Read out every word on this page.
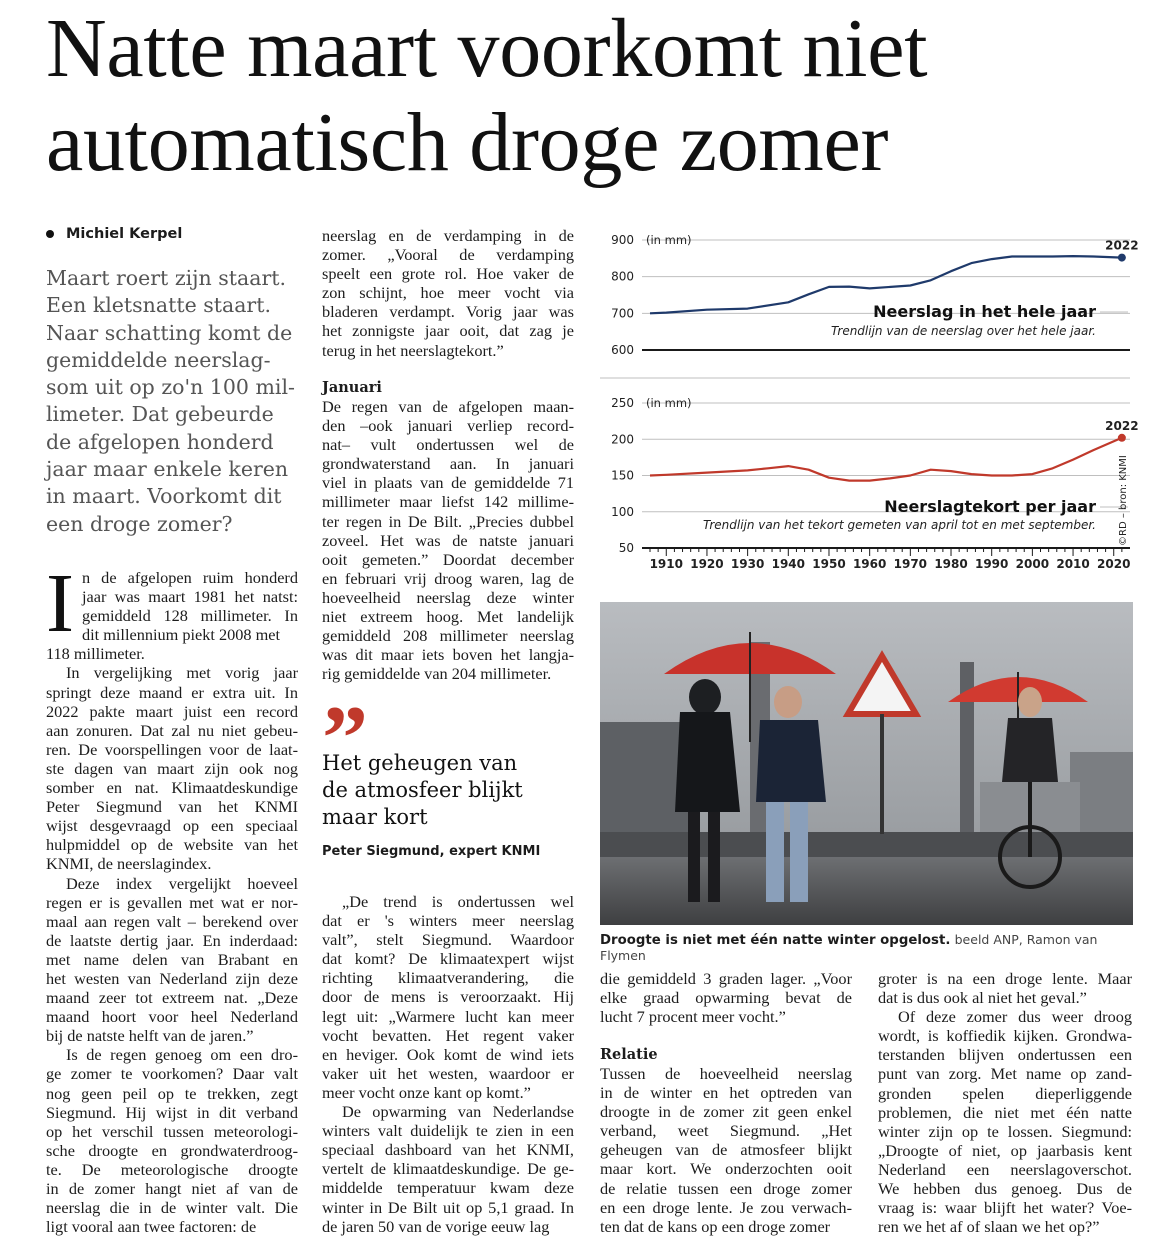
Natte maart voorkomt niet
automatisch droge zomer
Michiel Kerpel
Maart roert zijn staart.
Een kletsnatte staart.
Naar schatting komt de
gemiddelde neerslag-
som uit op zo'n 100 mil-
limeter. Dat gebeurde
de afgelopen honderd
jaar maar enkele keren
in maart. Voorkomt dit
een droge zomer?
I n de afgelopen ruim honderd
jaar was maart 1981 het natst:
gemiddeld 128 millimeter. In
dit millennium piekt 2008 met
118 millimeter.
In vergelijking met vorig jaar
springt deze maand er extra uit. In
2022 pakte maart juist een record
aan zonuren. Dat zal nu niet gebeu-
ren. De voorspellingen voor de laat-
ste dagen van maart zijn ook nog
somber en nat. Klimaatdeskundige
Peter Siegmund van het KNMI
wijst desgevraagd op een speciaal
hulpmiddel op de website van het
KNMI, de neerslagindex.
Deze index vergelijkt hoeveel
regen er is gevallen met wat er nor-
maal aan regen valt – berekend over
de laatste dertig jaar. En inderdaad:
met name delen van Brabant en
het westen van Nederland zijn deze
maand zeer tot extreem nat. „Deze
maand hoort voor heel Nederland
bij de natste helft van de jaren.”
Is de regen genoeg om een dro-
ge zomer te voorkomen? Daar valt
nog geen peil op te trekken, zegt
Siegmund. Hij wijst in dit verband
op het verschil tussen meteorologi-
sche droogte en grondwaterdroog-
te. De meteorologische droogte
in de zomer hangt niet af van de
neerslag die in de winter valt. Die
ligt vooral aan twee factoren: de
neerslag en de verdamping in de
zomer. „Vooral de verdamping
speelt een grote rol. Hoe vaker de
zon schijnt, hoe meer vocht via
bladeren verdampt. Vorig jaar was
het zonnigste jaar ooit, dat zag je
terug in het neerslagtekort.”
Januari
De regen van de afgelopen maan-
den –ook januari verliep record-
nat– vult ondertussen wel de
grondwaterstand aan. In januari
viel in plaats van de gemiddelde 71
millimeter maar liefst 142 millime-
ter regen in De Bilt. „Precies dubbel
zoveel. Het was de natste januari
ooit gemeten.” Doordat december
en februari vrij droog waren, lag de
hoeveelheid neerslag deze winter
niet extreem hoog. Met landelijk
gemiddeld 208 millimeter neerslag
was dit maar iets boven het langja-
rig gemiddelde van 204 millimeter.
”
Het geheugen van
de atmosfeer blijkt
maar kort
Peter Siegmund, expert KNMI
„De trend is ondertussen wel
dat er 's winters meer neerslag
valt”, stelt Siegmund. Waardoor
dat komt? De klimaatexpert wijst
richting klimaatverandering, die
door de mens is veroorzaakt. Hij
legt uit: „Warmere lucht kan meer
vocht bevatten. Het regent vaker
en heviger. Ook komt de wind iets
vaker uit het westen, waardoor er
meer vocht onze kant op komt.”
De opwarming van Nederlandse
winters valt duidelijk te zien in een
speciaal dashboard van het KNMI,
vertelt de klimaatdeskundige. De ge-
middelde temperatuur kwam deze
winter in De Bilt uit op 5,1 graad. In
de jaren 50 van de vorige eeuw lag
900
800
700
600
(in mm)	2022
Neerslag in het hele jaar
Trendlijn van de neerslag over het hele jaar.
250
200
150
100
50
(in mm)
2022
Neerslagtekort per jaar
Trendlijn van het tekort gemeten van april tot en met september. ©RD – bron: KNMI
1910 1920 1930 1940 1950 1960 1970 1980 1990 2000 2010 2020
Droogte is niet met één natte winter opgelost. beeld ANP, Ramon van Flymen
die gemiddeld 3 graden lager. „Voor
elke graad opwarming bevat de
lucht 7 procent meer vocht.”
Relatie
Tussen de hoeveelheid neerslag
in de winter en het optreden van
droogte in de zomer zit geen enkel
verband, weet Siegmund. „Het
geheugen van de atmosfeer blijkt
maar kort. We onderzochten ooit
de relatie tussen een droge zomer
en een droge lente. Je zou verwach-
ten dat de kans op een droge zomer
groter is na een droge lente. Maar
dat is dus ook al niet het geval.”
Of deze zomer dus weer droog
wordt, is koffiedik kijken. Grondwa-
terstanden blijven ondertussen een
punt van zorg. Met name op zand-
gronden spelen dieperliggende
problemen, die niet met één natte
winter zijn op te lossen. Siegmund:
„Droogte of niet, op jaarbasis kent
Nederland een neerslagoverschot.
We hebben dus genoeg. Dus de
vraag is: waar blijft het water? Voe-
ren we het af of slaan we het op?”
